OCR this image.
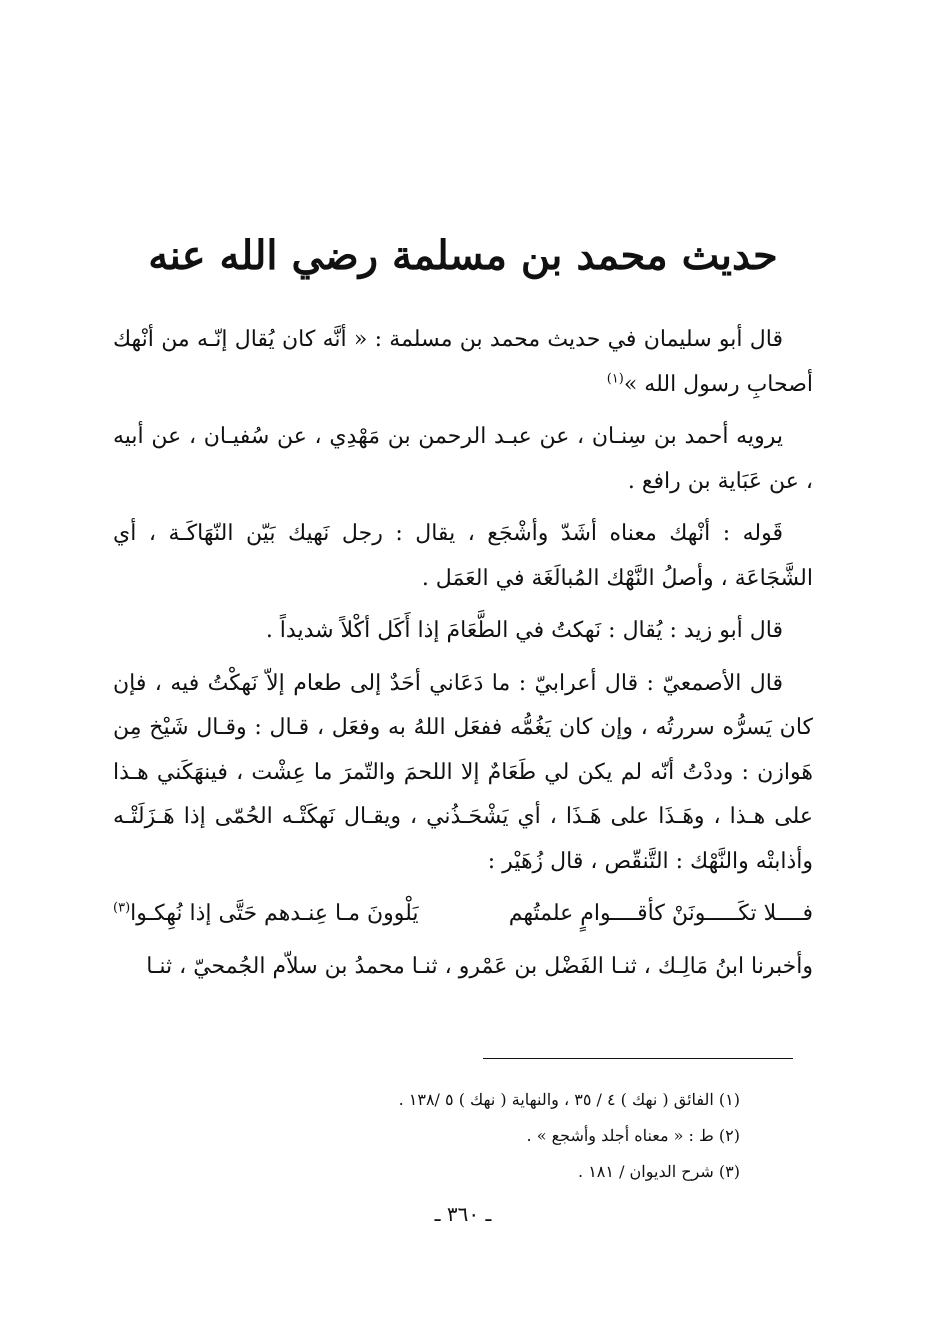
حديث محمد بن مسلمة رضي الله عنه

قال أبو سليمان في حديث محمد بن مسلمة : « أنَّه كان يُقال إنّـه من أنْهك أصحابِ رسول الله »$^{(١)}$

يرويه أحمد بن سِنـان ، عن عبـد الرحمن بن مَهْدِي ، عن سُفيـان ، عن أبيه ، عن عَبَاية بن رافع .

قَوله : أنْهك معناه أشَدّ وأشْجَع ، يقال : رجل نَهيك بَيّن النّهَاكَـة ، أي الشَّجَاعَة ، وأصلُ النَّهْك المُبالَغَة في العَمَل .

قال أبو زيد : يُقال : نَهكتُ في الطَّعَامَ إذا أَكَل أكْلاً شديداً .

قال الأصمعيّ : قال أعرابيّ : ما دَعَاني أحَدٌ إلى طعام إلاّ نَهكْتُ فيه ، فإن كان يَسرُّه سررتُه ، وإن كان يَغُمُّه ففعَل اللهُ به وفعَل ، قـال : وقـال شَيْخ مِن هَوازن : وددْتُ أنّه لم يكن لي طَعَامٌ إلا اللحمَ والتّمرَ ما عِشْت ، فينهَكَني هـذا على هـذا ، وهَـذَا على هَـذَا ، أي يَشْحَـذُني ، ويقـال نَهكَتْـه الحُمّى إذا هَـزَلَتْـه وأذابتْه والنَّهْك : التَّنقّص ، قال زُهَيْر :

فــــلا تكَـــــونَنْ كأقــــوامٍ علمتُهم
يَلْوونَ مـا عِنـدهم حَتَّى إذا نُهِكـوا$^{(٣)}$

وأخبرنا ابنُ مَالِـك ، ثنـا الفَضْل بن عَمْرو ، ثنـا محمدُ بن سلاّم الجُمحيّ ، ثنـا

(١) الفائق ( نهك ) ٤ / ٣٥ ، والنهاية ( نهك ) ٥ /١٣٨ .
(٢) ط : « معناه أجلد وأشجع » .
(٣) شرح الديوان / ١٨١ .
ـ ٣٦٠ ـ
